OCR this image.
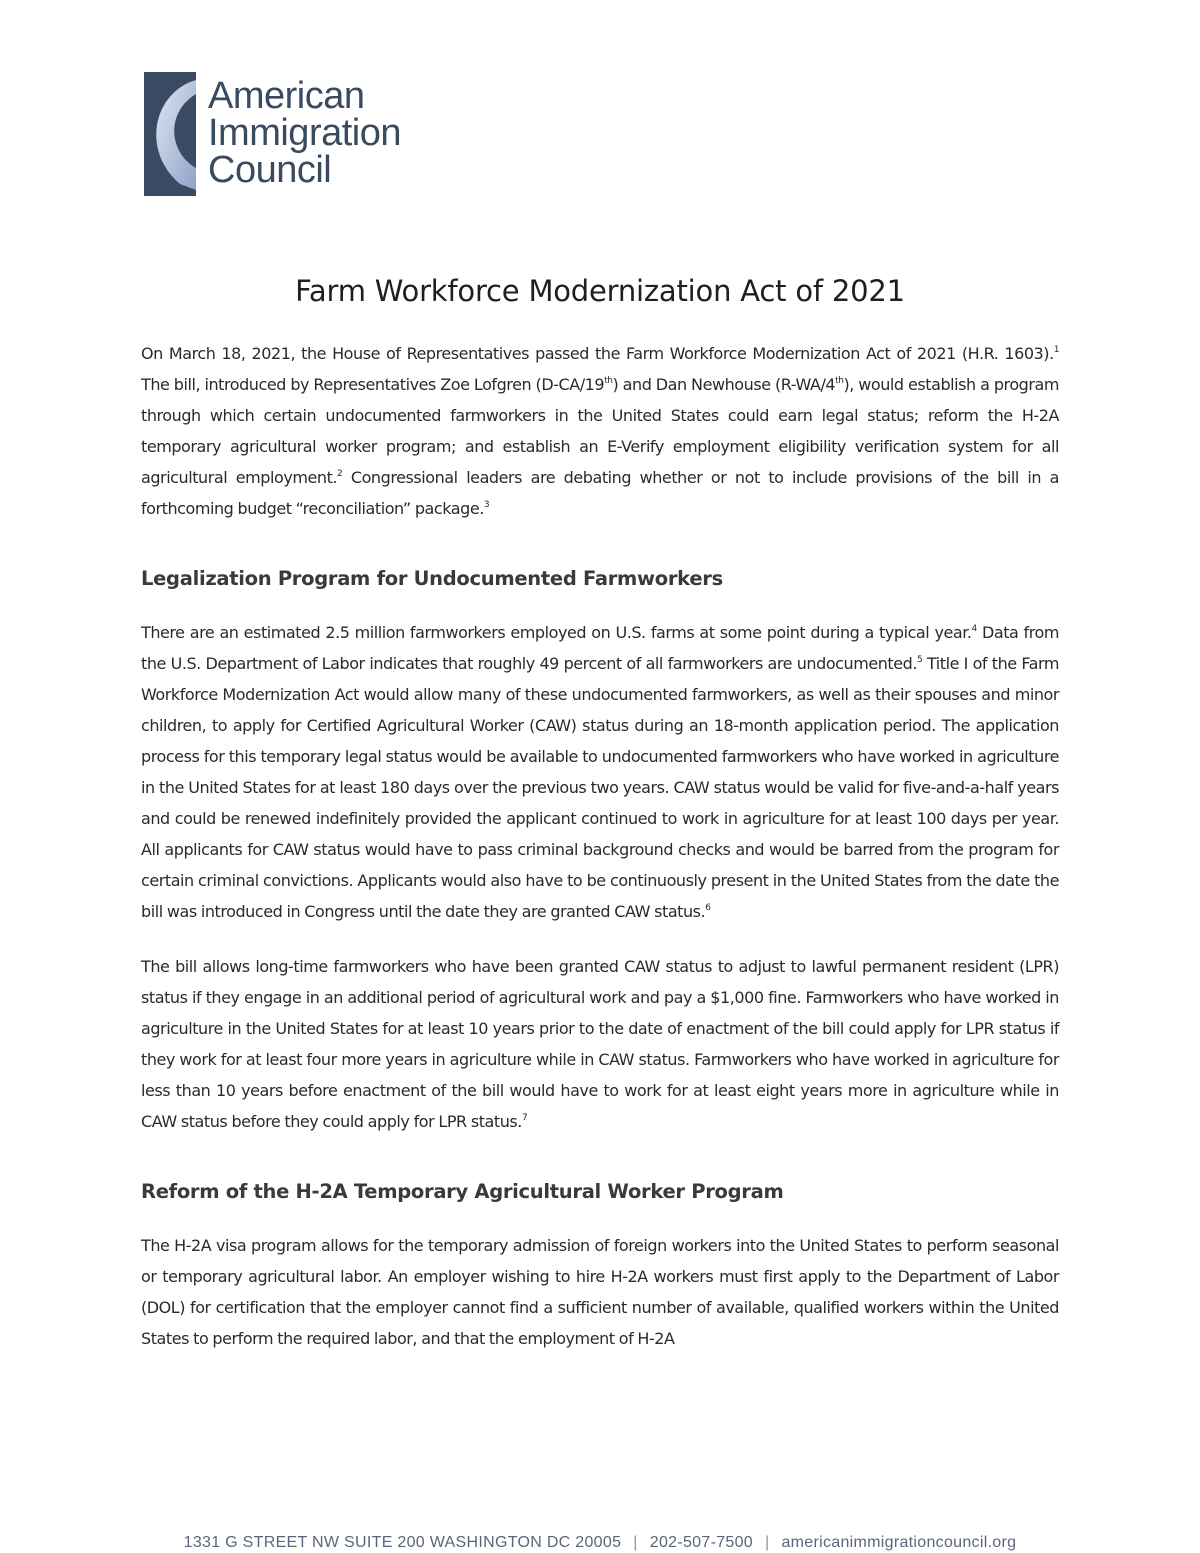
American
Immigration
Council
Farm Workforce Modernization Act of 2021

On March 18, 2021, the House of Representatives passed the Farm Workforce Modernization Act of 2021 (H.R. 1603).$^1$ The bill, introduced by Representatives Zoe Lofgren (D-CA/19th) and Dan Newhouse (R-WA/4th), would establish a program through which certain undocumented farmworkers in the United States could earn legal status; reform the H-2A temporary agricultural worker program; and establish an E-Verify employment eligibility verification system for all agricultural employment.$^2$ Congressional leaders are debating whether or not to include provisions of the bill in a forthcoming budget “reconciliation” package.$^3$

Legalization Program for Undocumented Farmworkers

There are an estimated 2.5 million farmworkers employed on U.S. farms at some point during a typical year.$^4$ Data from the U.S. Department of Labor indicates that roughly 49 percent of all farmworkers are undocumented.$^5$ Title I of the Farm Workforce Modernization Act would allow many of these undocumented farmworkers, as well as their spouses and minor children, to apply for Certified Agricultural Worker (CAW) status during an 18-month application period. The application process for this temporary legal status would be available to undocumented farmworkers who have worked in agriculture in the United States for at least 180 days over the previous two years. CAW status would be valid for five-and-a-half years and could be renewed indefinitely provided the applicant continued to work in agriculture for at least 100 days per year. All applicants for CAW status would have to pass criminal background checks and would be barred from the program for certain criminal convictions. Applicants would also have to be continuously present in the United States from the date the bill was introduced in Congress until the date they are granted CAW status.$^6$

The bill allows long-time farmworkers who have been granted CAW status to adjust to lawful permanent resident (LPR) status if they engage in an additional period of agricultural work and pay a $1,000 fine. Farmworkers who have worked in agriculture in the United States for at least 10 years prior to the date of enactment of the bill could apply for LPR status if they work for at least four more years in agriculture while in CAW status. Farmworkers who have worked in agriculture for less than 10 years before enactment of the bill would have to work for at least eight years more in agriculture while in CAW status before they could apply for LPR status.$^7$

Reform of the H-2A Temporary Agricultural Worker Program

The H-2A visa program allows for the temporary admission of foreign workers into the United States to perform seasonal or temporary agricultural labor. An employer wishing to hire H-2A workers must first apply to the Department of Labor (DOL) for certification that the employer cannot find a sufficient number of available, qualified workers within the United States to perform the required labor, and that the employment of H-2A

1331 G STREET NW SUITE 200 WASHINGTON DC 20005 | 202-507-7500 | americanimmigrationcouncil.org
